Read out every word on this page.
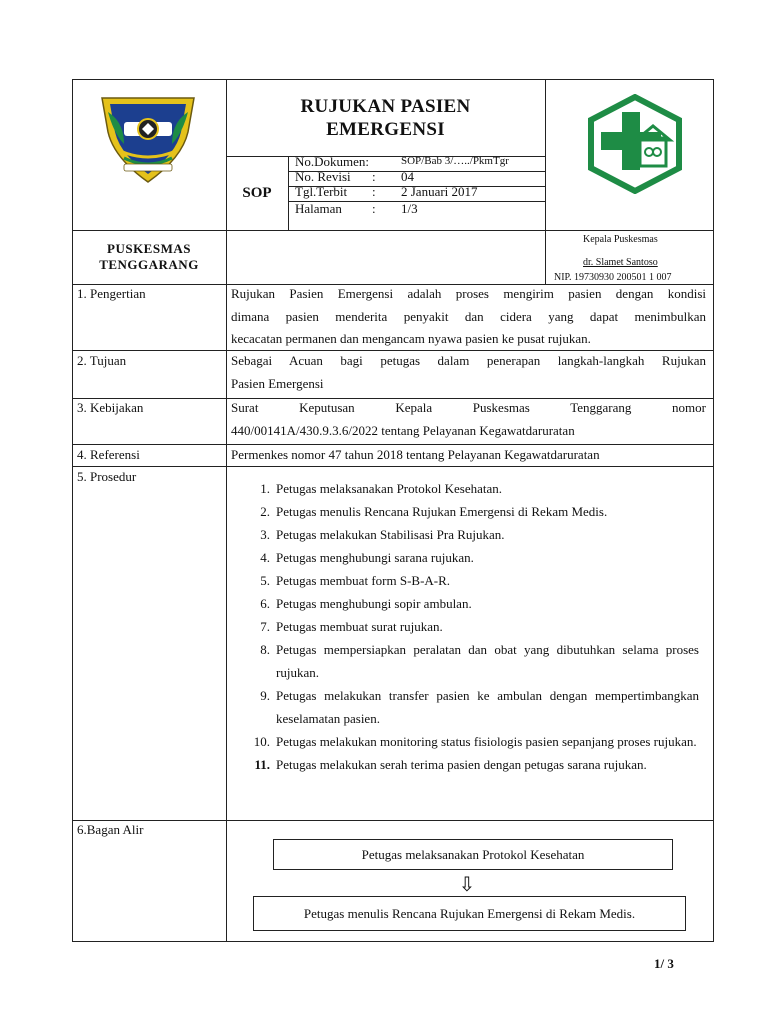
RUJUKAN PASIEN
EMERGENSI
SOP
No.Dokumen:	SOP/Bab 3/…../PkmTgr
No. Revisi : 04
Tgl.Terbit : 2 Januari 2017
Halaman : 1/3
PUSKESMAS
TENGGARANG
Kepala Puskesmas
dr. Slamet Santoso
NIP. 19730930 200501 1 007
1. Pengertian	Rujukan Pasien Emergensi adalah proses mengirim pasien dengan kondisi
dimana pasien menderita penyakit dan cidera yang dapat menimbulkan
kecacatan permanen dan mengancam nyawa pasien ke pusat rujukan.
2. Tujuan	Sebagai Acuan bagi petugas dalam penerapan langkah-langkah Rujukan
Pasien Emergensi
3. Kebijakan	Surat Keputusan Kepala Puskesmas Tenggarang nomor
440/00141A/430.9.3.6/2022 tentang Pelayanan Kegawatdaruratan
4. Referensi	Permenkes nomor 47 tahun 2018 tentang Pelayanan Kegawatdaruratan
5. Prosedur
1. Petugas melaksanakan Protokol Kesehatan.
2. Petugas menulis Rencana Rujukan Emergensi di Rekam Medis.
3. Petugas melakukan Stabilisasi Pra Rujukan.
4. Petugas menghubungi sarana rujukan.
5. Petugas membuat form S-B-A-R.
6. Petugas menghubungi sopir ambulan.
7. Petugas membuat surat rujukan.
8. Petugas mempersiapkan peralatan dan obat yang dibutuhkan selama proses rujukan.
9. Petugas melakukan transfer pasien ke ambulan dengan mempertimbangkan keselamatan pasien.
10. Petugas melakukan monitoring status fisiologis pasien sepanjang proses rujukan.
11. Petugas melakukan serah terima pasien dengan petugas sarana rujukan.
6.Bagan Alir
Petugas melaksanakan Protokol Kesehatan
⇩
Petugas menulis Rencana Rujukan Emergensi di Rekam Medis.
1/ 3
